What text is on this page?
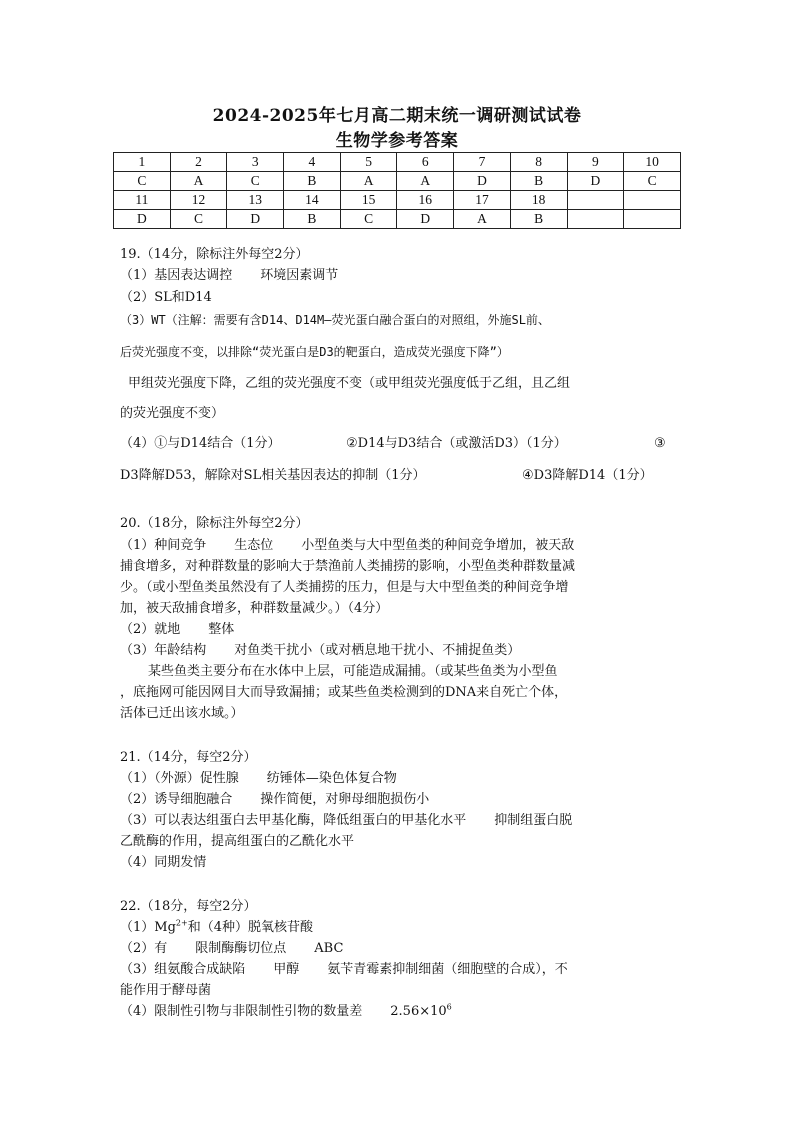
2024-2025年七月高二期末统一调研测试试卷
生物学参考答案
1	2	3	4	5	6	7	8	9	10
C	A	C	B	A	A	D	B	D	C
11	12	13	14	15	16	17	18		
D	C	D	B	C	D	A	B		
19.（14分，除标注外每空2分）
（1）基因表达调控 环境因素调节
（2）SL和D14
（3）WT（注解：需要有含D14、D14M—荧光蛋白融合蛋白的对照组，外施SL前、
后荧光强度不变，以排除“荧光蛋白是D3的靶蛋白，造成荧光强度下降”）
甲组荧光强度下降，乙组的荧光强度不变（或甲组荧光强度低于乙组，且乙组
的荧光强度不变）
（4）①与D14结合（1分）	②D14与D3结合（或激活D3）（1分）	③
D3降解D53，解除对SL相关基因表达的抑制（1分）	④D3降解D14（1分）
20.（18分，除标注外每空2分）
（1）种间竞争 生态位 小型鱼类与大中型鱼类的种间竞争增加，被天敌
捕食增多，对种群数量的影响大于禁渔前人类捕捞的影响，小型鱼类种群数量减
少。（或小型鱼类虽然没有了人类捕捞的压力，但是与大中型鱼类的种间竞争增
加，被天敌捕食增多，种群数量减少。）（4分）
（2）就地 整体
（3）年龄结构 对鱼类干扰小（或对栖息地干扰小、不捕捉鱼类）
某些鱼类主要分布在水体中上层，可能造成漏捕。（或某些鱼类为小型鱼
，底拖网可能因网目大而导致漏捕；或某些鱼类检测到的DNA来自死亡个体，
活体已迁出该水域。）
21.（14分，每空2分）
（1）（外源）促性腺 纺锤体—染色体复合物
（2）诱导细胞融合 操作简便，对卵母细胞损伤小
（3）可以表达组蛋白去甲基化酶，降低组蛋白的甲基化水平 抑制组蛋白脱
乙酰酶的作用，提高组蛋白的乙酰化水平
（4）同期发情
22.（18分，每空2分）
$(1)Mg^{2+}$和（4种）脱氧核苷酸
（2）有 限制酶酶切位点 ABC
（3）组氨酸合成缺陷 甲醇 氨苄青霉素抑制细菌（细胞壁的合成），不
能作用于酵母菌
（4）限制性引物与非限制性引物的数量差 $2.56\times 10^6$
